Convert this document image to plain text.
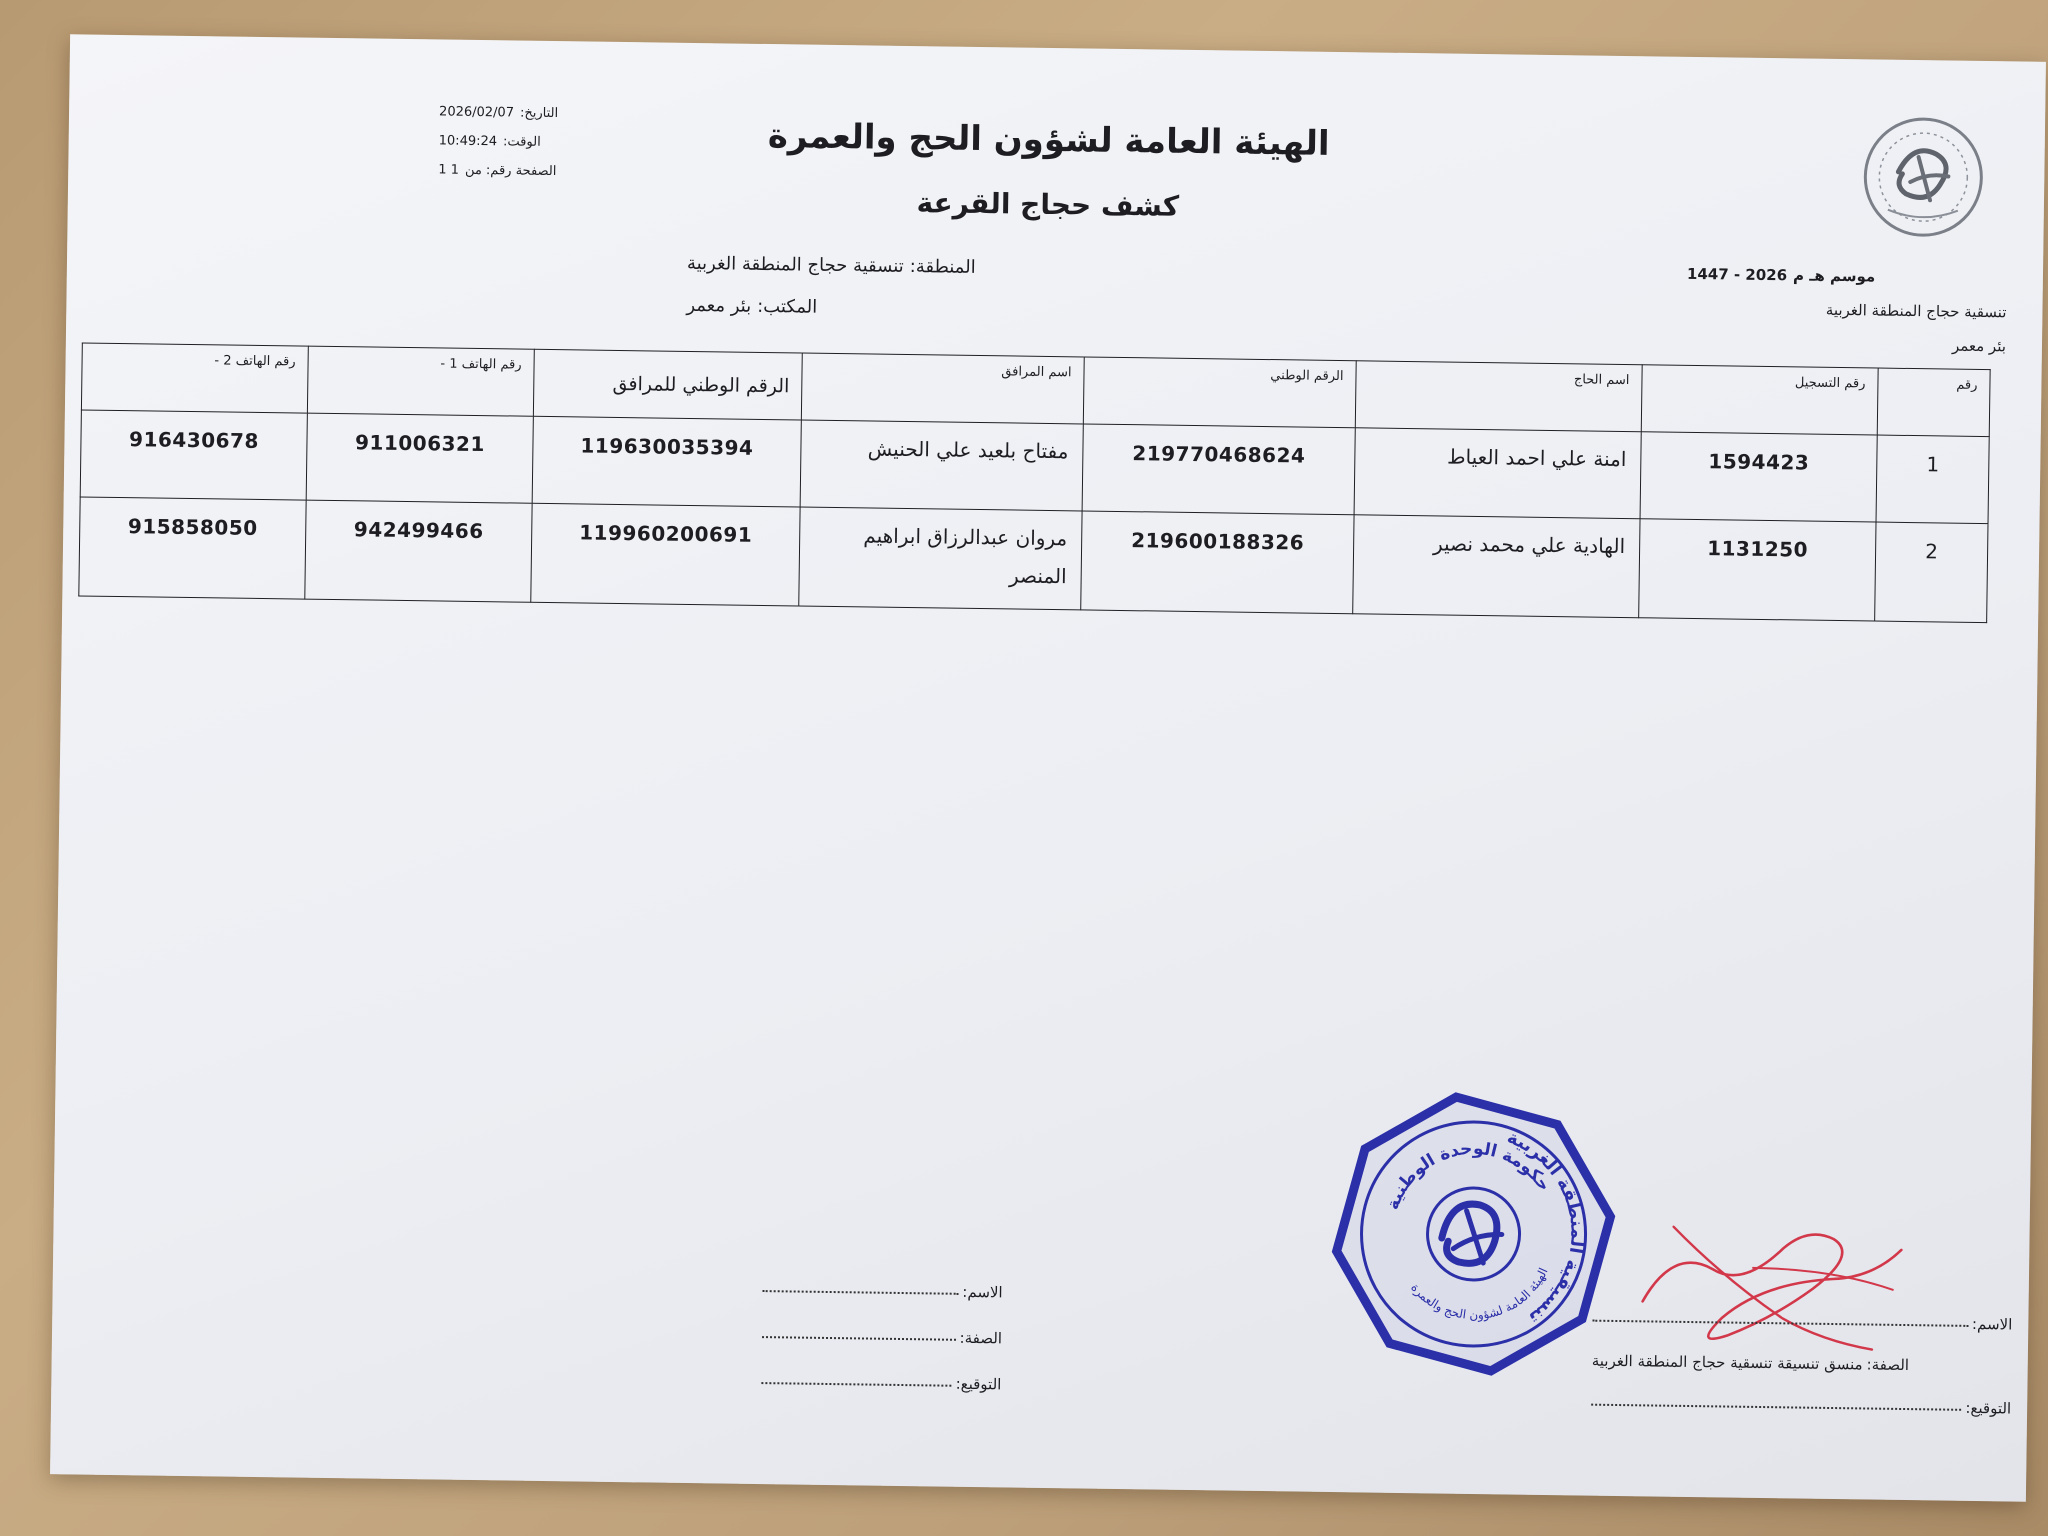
التاريخ:
2026/02/07
الوقت:
10:49:24
الصفحة رقم: من
1 1
الهيئة العامة لشؤون الحج والعمرة
كشف حجاج القرعة
المنطقة:
تنسقية حجاج المنطقة الغربية
المكتب:
بئر معمر
موسم هـ م
2026 - 1447
تنسقية حجاج المنطقة الغربية
بئر معمر
رقم	رقم التسجيل	اسم الحاج	الرقم الوطني	اسم المرافق	الرقم الوطني للمرافق	رقم الهاتف 1 -	رقم الهاتف 2 -
1	1594423	امنة علي احمد العياط	219770468624	مفتاح بلعيد علي الحنيش	119630035394	911006321	916430678
2	1131250	الهادية علي محمد نصير	219600188326	مروان عبدالرزاق ابراهيم المنصر	119960200691	942499466	915858050
الاسم:
الصفة:
التوقيع:
حكومة الوحدة الوطنية
تنسيقية المنطقة الغربية
الهيئة العامة لشؤون الحج والعمرة
الاسم:
الصفة:
منسق تنسيقة تنسقية حجاج المنطقة الغربية
التوقيع:
